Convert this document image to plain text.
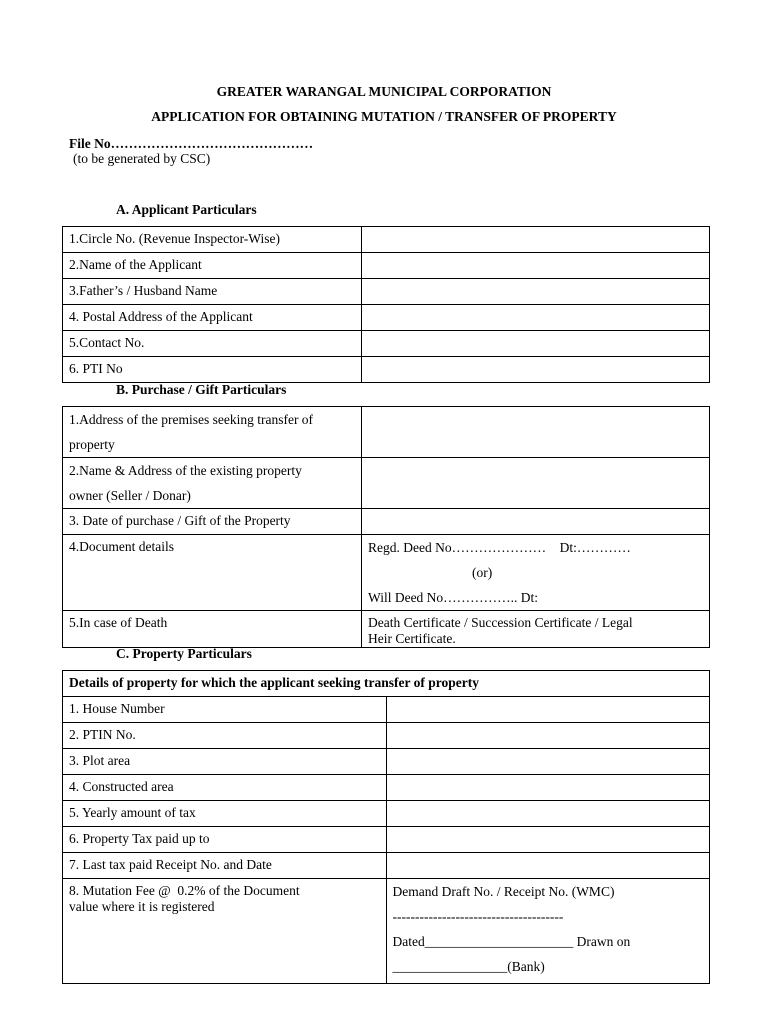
GREATER WARANGAL MUNICIPAL CORPORATION
APPLICATION FOR OBTAINING MUTATION / TRANSFER OF PROPERTY
File No………………………………………
(to be generated by CSC)
A. Applicant Particulars
1.Circle No. (Revenue Inspector-Wise)	
2.Name of the Applicant	
3.Father’s / Husband Name	
4. Postal Address of the Applicant	
5.Contact No.	
6. PTI No	
B. Purchase / Gift Particulars
1.Address of the premises seeking transfer of
property	

2.Name & Address of the existing property
owner (Seller / Donar)	

3. Date of purchase / Gift of the Property	
4.Document details	Regd. Deed No…………………    Dt:…………
(or)
Will Deed No…………….. Dt:

5.In case of Death	Death Certificate / Succession Certificate / Legal
Heir Certificate.
C. Property Particulars
Details of property for which the applicant seeking transfer of property	
1. House Number	
2. PTIN No.	
3. Plot area	
4. Constructed area	
5. Yearly amount of tax	
6. Property Tax paid up to	
7. Last tax paid Receipt No. and Date	

8. Mutation Fee @  0.2% of the Document
value where it is registered	Demand Draft No. / Receipt No. (WMC)
--------------------------------------
Dated______________________ Drawn on
_________________(Bank)
